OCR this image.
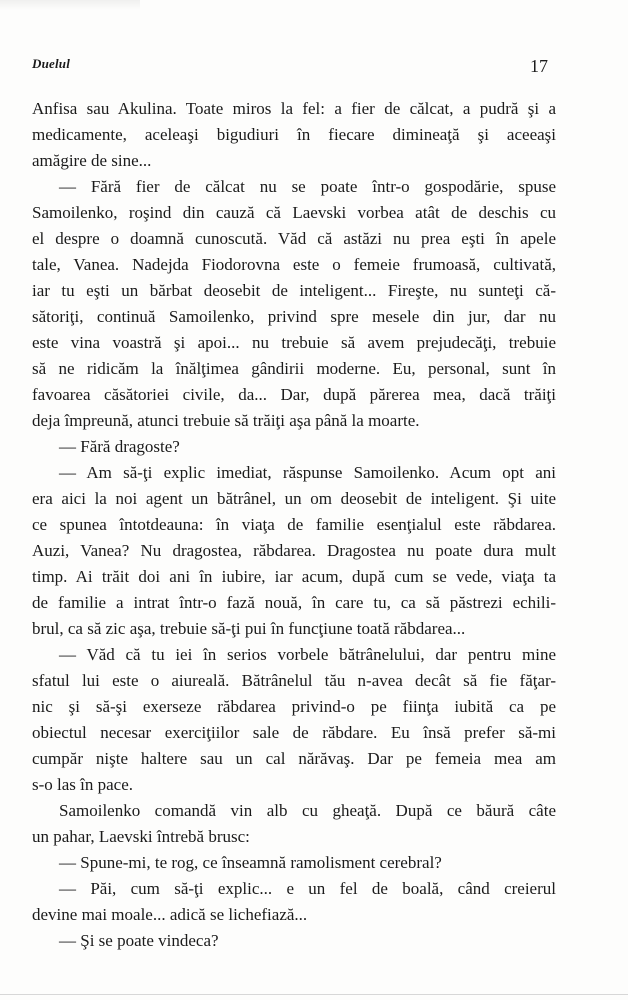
Duelul	17
Anfisa sau Akulina. Toate miros la fel: a fier de călcat, a pudră şi a
medicamente, aceleaşi bigudiuri în fiecare dimineaţă şi aceeaşi
amăgire de sine...
— Fără fier de călcat nu se poate într-o gospodărie, spuse
Samoilenko, roşind din cauză că Laevski vorbea atât de deschis cu
el despre o doamnă cunoscută. Văd că astăzi nu prea eşti în apele
tale, Vanea. Nadejda Fiodorovna este o femeie frumoasă, cultivată,
iar tu eşti un bărbat deosebit de inteligent... Fireşte, nu sunteţi că-
sătoriţi, continuă Samoilenko, privind spre mesele din jur, dar nu
este vina voastră şi apoi... nu trebuie să avem prejudecăţi, trebuie
să ne ridicăm la înălţimea gândirii moderne. Eu, personal, sunt în
favoarea căsătoriei civile, da... Dar, după părerea mea, dacă trăiţi
deja împreună, atunci trebuie să trăiţi aşa până la moarte.
— Fără dragoste?
— Am să-ţi explic imediat, răspunse Samoilenko. Acum opt ani
era aici la noi agent un bătrânel, un om deosebit de inteligent. Şi uite
ce spunea întotdeauna: în viaţa de familie esenţialul este răbdarea.
Auzi, Vanea? Nu dragostea, răbdarea. Dragostea nu poate dura mult
timp. Ai trăit doi ani în iubire, iar acum, după cum se vede, viaţa ta
de familie a intrat într-o fază nouă, în care tu, ca să păstrezi echili-
brul, ca să zic aşa, trebuie să-ţi pui în funcţiune toată răbdarea...
— Văd că tu iei în serios vorbele bătrânelului, dar pentru mine
sfatul lui este o aiureală. Bătrânelul tău n-avea decât să fie făţar-
nic şi să-şi exerseze răbdarea privind-o pe fiinţa iubită ca pe
obiectul necesar exerciţiilor sale de răbdare. Eu însă prefer să-mi
cumpăr nişte haltere sau un cal nărăvaş. Dar pe femeia mea am
s-o las în pace.
Samoilenko comandă vin alb cu gheaţă. După ce băură câte
un pahar, Laevski întrebă brusc:
— Spune-mi, te rog, ce înseamnă ramolisment cerebral?
— Păi, cum să-ţi explic... e un fel de boală, când creierul
devine mai moale... adică se lichefiază...
— Şi se poate vindeca?
